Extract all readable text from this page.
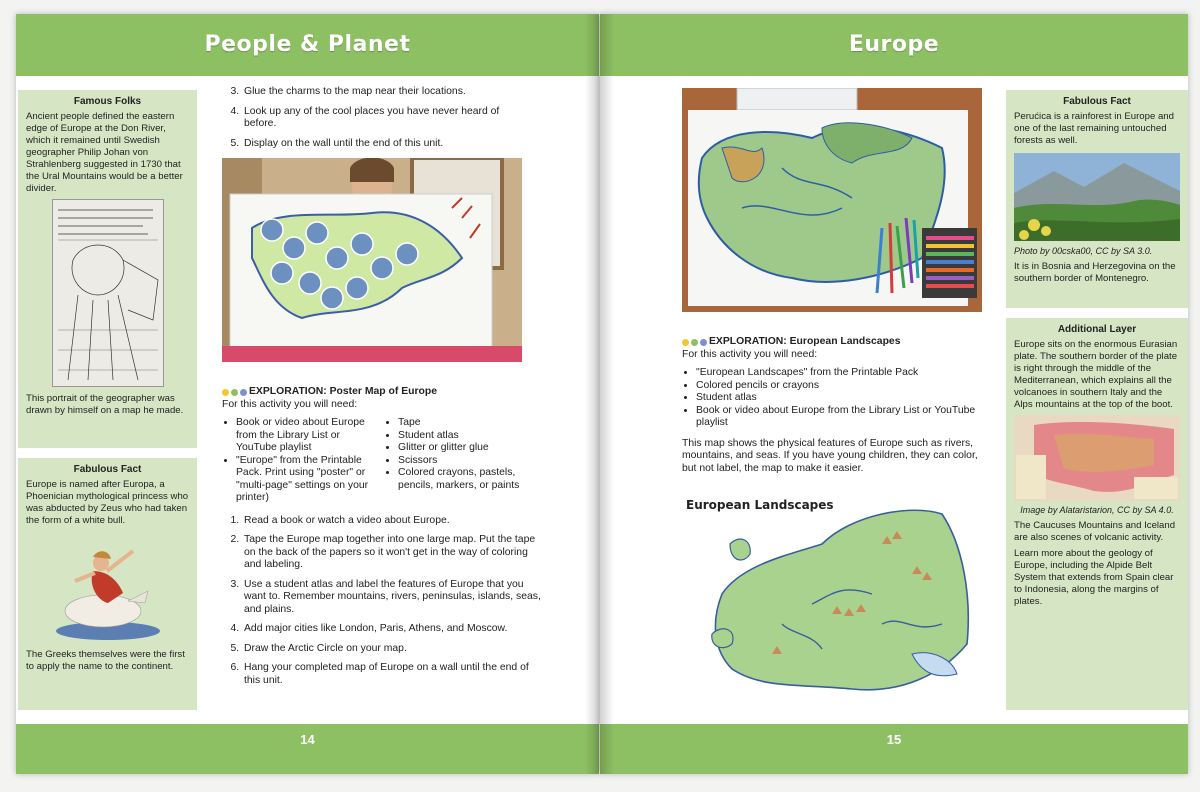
People & Planet
Famous Folks

Ancient people defined the eastern edge of Europe at the Don River, which it remained until Swedish geographer Philip Johan von Strahlenberg suggested in 1730 that the Ural Mountains would be a better divider.

This portrait of the geographer was drawn by himself on a map he made.

Fabulous Fact

Europe is named after Europa, a Phoenician mythological princess who was abducted by Zeus who had taken the form of a white bull.

The Greeks themselves were the first to apply the name to the continent.

3. Glue the charms to the map near their locations.
4. Look up any of the cool places you have never heard of before.
5. Display on the wall until the end of this unit.
EXPLORATION: Poster Map of Europe

For this activity you will need:

• Book or video about Europe from the Library List or YouTube playlist
• "Europe" from the Printable Pack. Print using "poster" or "multi-page" settings on your printer)
• Tape
• Student atlas
• Glitter or glitter glue
• Scissors
• Colored crayons, pastels, pencils, markers, or paints
1. Read a book or watch a video about Europe.
2. Tape the Europe map together into one large map. Put the tape on the back of the papers so it won't get in the way of coloring and labeling.
3. Use a student atlas and label the features of Europe that you want to. Remember mountains, rivers, peninsulas, islands, seas, and plains.
4. Add major cities like London, Paris, Athens, and Moscow.
5. Draw the Arctic Circle on your map.
6. Hang your completed map of Europe on a wall until the end of this unit.
14
Europe
EXPLORATION: European Landscapes

For this activity you will need:

• "European Landscapes" from the Printable Pack
• Colored pencils or crayons
• Student atlas
• Book or video about Europe from the Library List or YouTube playlist

This map shows the physical features of Europe such as rivers, mountains, and seas. If you have young children, they can color, but not label, the map to make it easier.

European Landscapes
Fabulous Fact

Perućica is a rainforest in Europe and one of the last remaining untouched forests as well.

Photo by 00cska00, CC by SA 3.0.

It is in Bosnia and Herzegovina on the southern border of Montenegro.

Additional Layer

Europe sits on the enormous Eurasian plate. The southern border of the plate is right through the middle of the Mediterranean, which explains all the volcanoes in southern Italy and the Alps mountains at the top of the boot.

Image by Alataristarion, CC by SA 4.0.

The Caucuses Mountains and Iceland are also scenes of volcanic activity.

Learn more about the geology of Europe, including the Alpide Belt System that extends from Spain clear to Indonesia, along the margins of plates.

15
